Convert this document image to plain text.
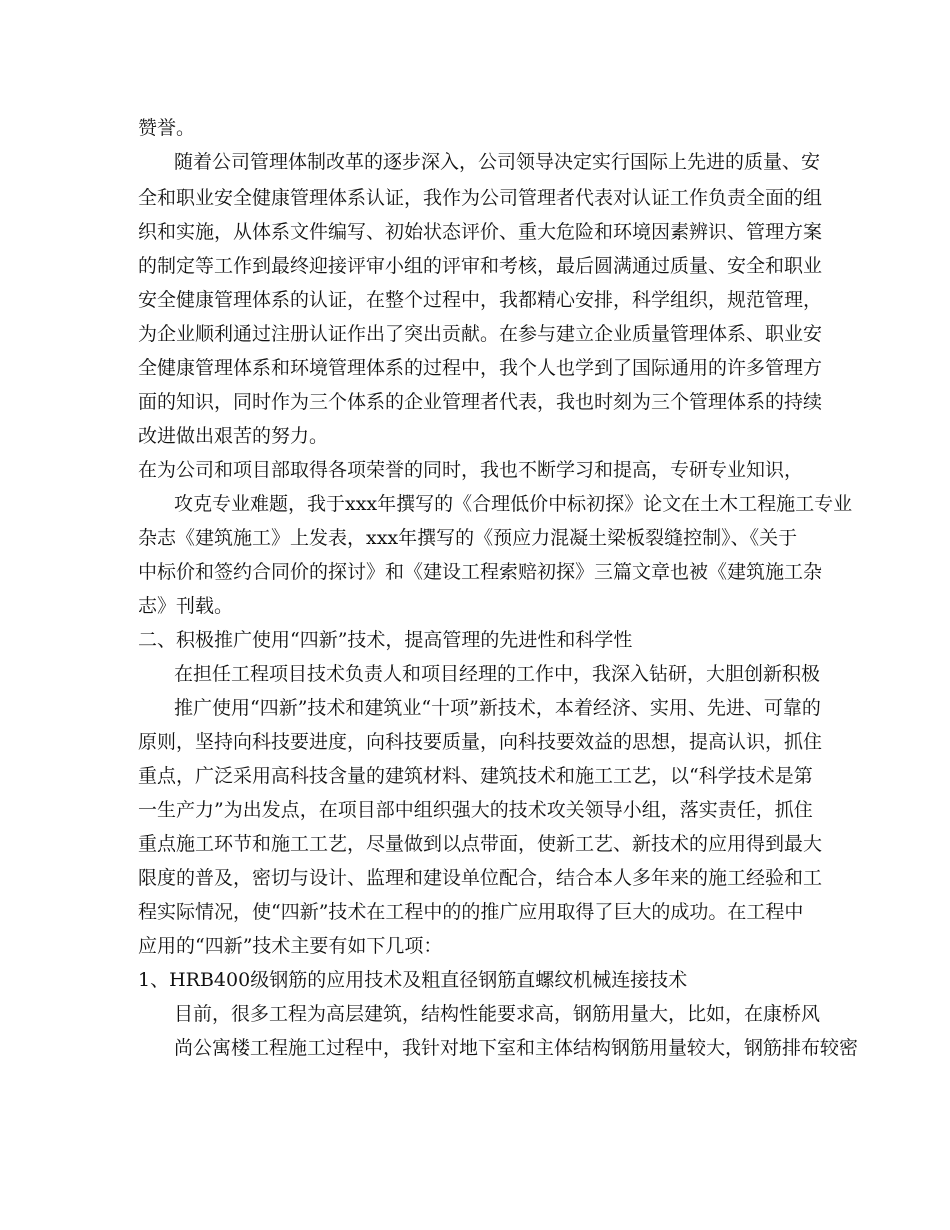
赞誉。
随着公司管理体制改革的逐步深入，公司领导决定实行国际上先进的质量、安
全和职业安全健康管理体系认证，我作为公司管理者代表对认证工作负责全面的组
织和实施，从体系文件编写、初始状态评价、重大危险和环境因素辨识、管理方案
的制定等工作到最终迎接评审小组的评审和考核，最后圆满通过质量、安全和职业
安全健康管理体系的认证，在整个过程中，我都精心安排，科学组织，规范管理，
为企业顺利通过注册认证作出了突出贡献。在参与建立企业质量管理体系、职业安
全健康管理体系和环境管理体系的过程中，我个人也学到了国际通用的许多管理方
面的知识，同时作为三个体系的企业管理者代表，我也时刻为三个管理体系的持续
改进做出艰苦的努力。
在为公司和项目部取得各项荣誉的同时，我也不断学习和提高，专研专业知识，
攻克专业难题，我于xxx年撰写的《合理低价中标初探》论文在土木工程施工专业
杂志《建筑施工》上发表，xxx年撰写的《预应力混凝土梁板裂缝控制》、《关于
中标价和签约合同价的探讨》和《建设工程索赔初探》三篇文章也被《建筑施工杂
志》刊载。
二、积极推广使用“四新”技术，提高管理的先进性和科学性
在担任工程项目技术负责人和项目经理的工作中，我深入钻研，大胆创新积极
推广使用“四新”技术和建筑业“十项”新技术，本着经济、实用、先进、可靠的
原则，坚持向科技要进度，向科技要质量，向科技要效益的思想，提高认识，抓住
重点，广泛采用高科技含量的建筑材料、建筑技术和施工工艺，以“科学技术是第
一生产力”为出发点，在项目部中组织强大的技术攻关领导小组，落实责任，抓住
重点施工环节和施工工艺，尽量做到以点带面，使新工艺、新技术的应用得到最大
限度的普及，密切与设计、监理和建设单位配合，结合本人多年来的施工经验和工
程实际情况，使“四新”技术在工程中的的推广应用取得了巨大的成功。在工程中
应用的“四新”技术主要有如下几项：
1、HRB400级钢筋的应用技术及粗直径钢筋直螺纹机械连接技术
目前，很多工程为高层建筑，结构性能要求高，钢筋用量大，比如，在康桥风
尚公寓楼工程施工过程中，我针对地下室和主体结构钢筋用量较大，钢筋排布较密
